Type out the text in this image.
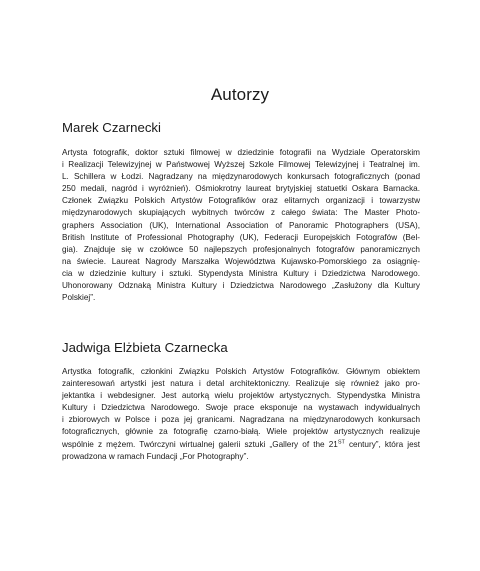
Autorzy
Marek Czarnecki
Artysta fotografik, doktor sztuki filmowej w dziedzinie fotografii na Wydziale Operatorskim
i Realizacji Telewizyjnej w Państwowej Wyższej Szkole Filmowej Telewizyjnej i Teatralnej im.
L. Schillera w Łodzi. Nagradzany na międzynarodowych konkursach fotograficznych (ponad
250 medali, nagród i wyróżnień). Ośmiokrotny laureat brytyjskiej statuetki Oskara Barnacka.
Członek Związku Polskich Artystów Fotografików oraz elitarnych organizacji i towarzystw
międzynarodowych skupiających wybitnych twórców z całego świata: The Master Photo-
graphers Association (UK), International Association of Panoramic Photographers (USA),
British Institute of Professional Photography (UK), Federacji Europejskich Fotografów (Bel-
gia). Znajduje się w czołówce 50 najlepszych profesjonalnych fotografów panoramicznych
na świecie. Laureat Nagrody Marszałka Województwa Kujawsko-Pomorskiego za osiągnię-
cia w dziedzinie kultury i sztuki. Stypendysta Ministra Kultury i Dziedzictwa Narodowego.
Uhonorowany Odznaką Ministra Kultury i Dziedzictwa Narodowego „Zasłużony dla Kultury
Polskiej”.
Jadwiga Elżbieta Czarnecka
Artystka fotografik, członkini Związku Polskich Artystów Fotografików. Głównym obiektem
zainteresowań artystki jest natura i detal architektoniczny. Realizuje się również jako pro-
jektantka i webdesigner. Jest autorką wielu projektów artystycznych. Stypendystka Ministra
Kultury i Dziedzictwa Narodowego. Swoje prace eksponuje na wystawach indywidualnych
i zbiorowych w Polsce i poza jej granicami. Nagradzana na międzynarodowych konkursach
fotograficznych, głównie za fotografię czarno-białą. Wiele projektów artystycznych realizuje
wspólnie z mężem. Twórczyni wirtualnej galerii sztuki „Gallery of the 21ST century”, która jest
prowadzona w ramach Fundacji „For Photography”.
